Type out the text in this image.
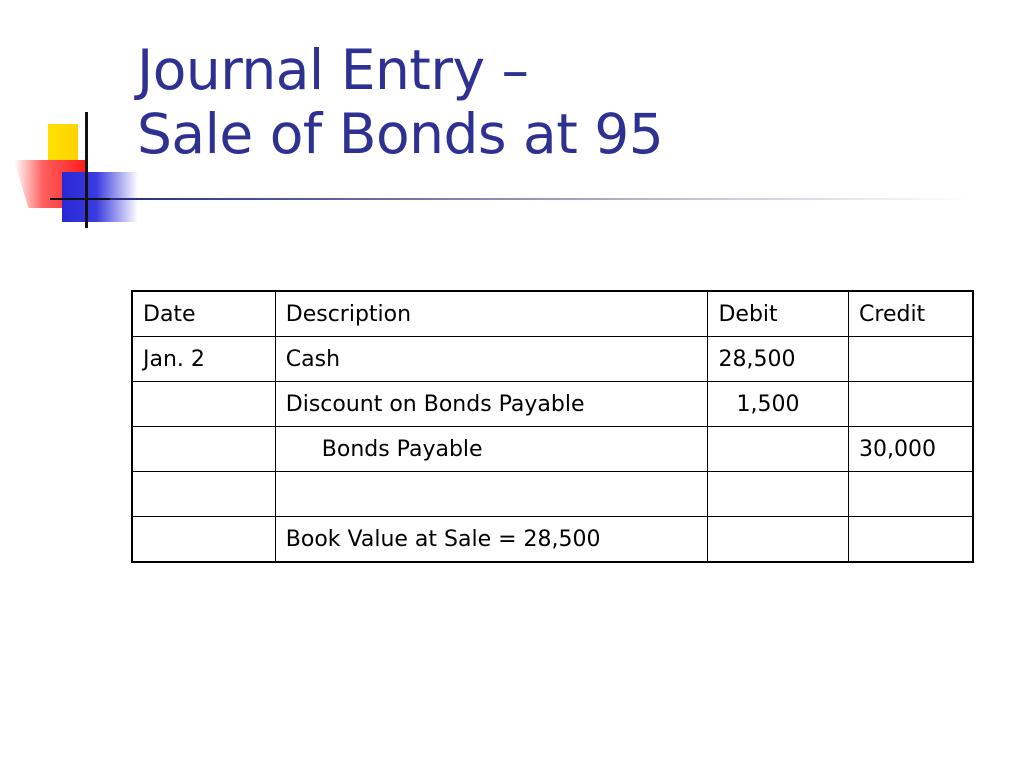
Journal Entry –
Sale of Bonds at 95
Date	Description	Debit	Credit
Jan. 2	Cash	28,500	
	Discount on Bonds Payable	1,500	
	Bonds Payable		30,000

	Book Value at Sale = 28,500		
